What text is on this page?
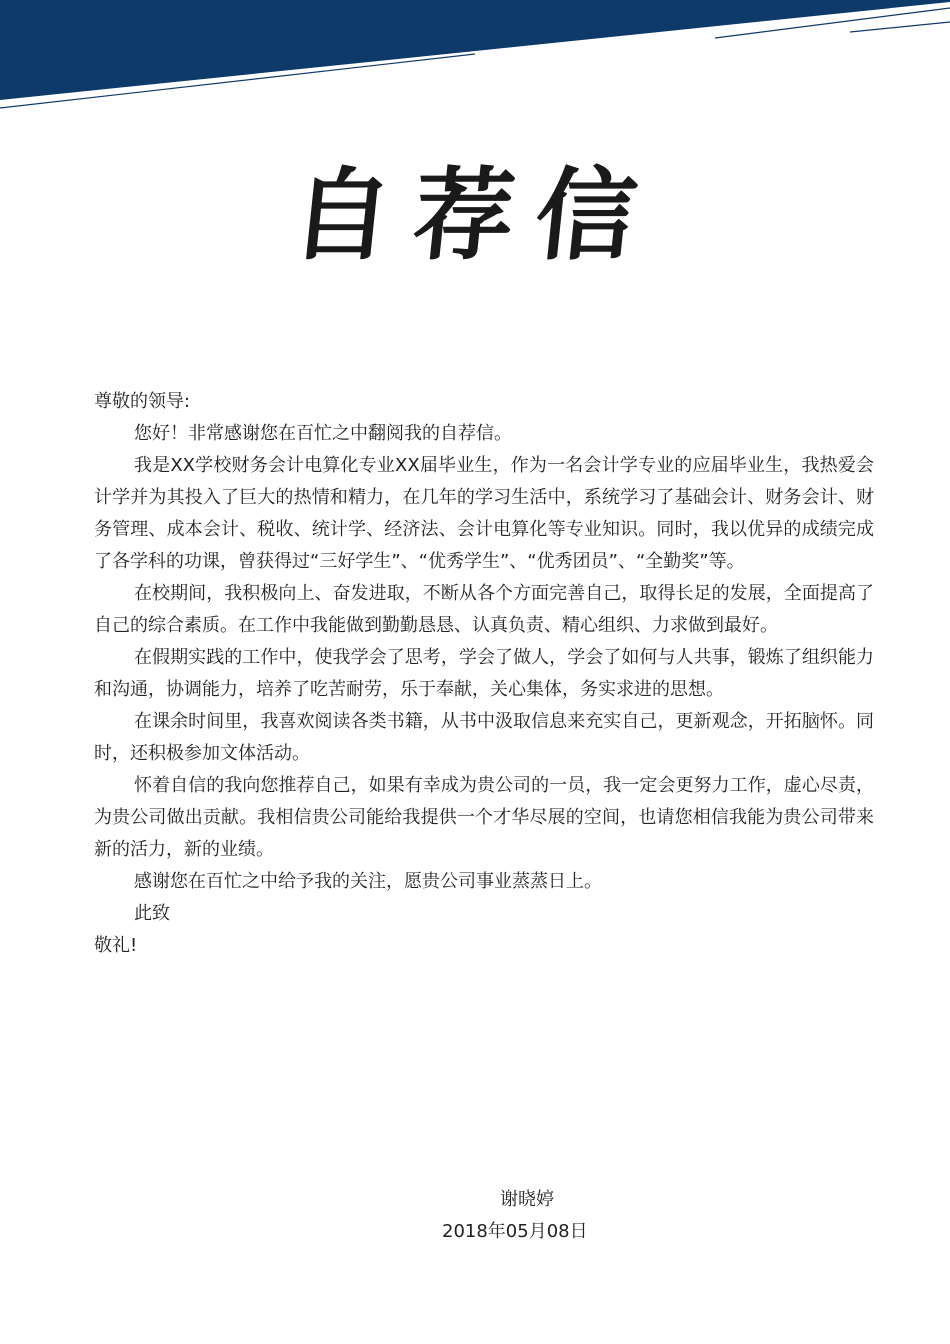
自荐信

尊敬的领导:

您好！非常感谢您在百忙之中翻阅我的自荐信。

我是XX学校财务会计电算化专业XX届毕业生，作为一名会计学专业的应届毕业生，我热爱会计学并为其投入了巨大的热情和精力，在几年的学习生活中，系统学习了基础会计、财务会计、财务管理、成本会计、税收、统计学、经济法、会计电算化等专业知识。同时，我以优异的成绩完成了各学科的功课，曾获得过“三好学生”、“优秀学生”、“优秀团员”、“全勤奖”等。

在校期间，我积极向上、奋发进取，不断从各个方面完善自己，取得长足的发展，全面提高了自己的综合素质。在工作中我能做到勤勤恳恳、认真负责、精心组织、力求做到最好。

在假期实践的工作中，使我学会了思考，学会了做人，学会了如何与人共事，锻炼了组织能力和沟通，协调能力，培养了吃苦耐劳，乐于奉献，关心集体，务实求进的思想。

在课余时间里，我喜欢阅读各类书籍，从书中汲取信息来充实自己，更新观念，开拓脑怀。同时，还积极参加文体活动。

怀着自信的我向您推荐自己，如果有幸成为贵公司的一员，我一定会更努力工作，虚心尽责，为贵公司做出贡献。我相信贵公司能给我提供一个才华尽展的空间，也请您相信我能为贵公司带来新的活力，新的业绩。

感谢您在百忙之中给予我的关注，愿贵公司事业蒸蒸日上。

此致

敬礼!

谢晓婷
2018年05月08日
